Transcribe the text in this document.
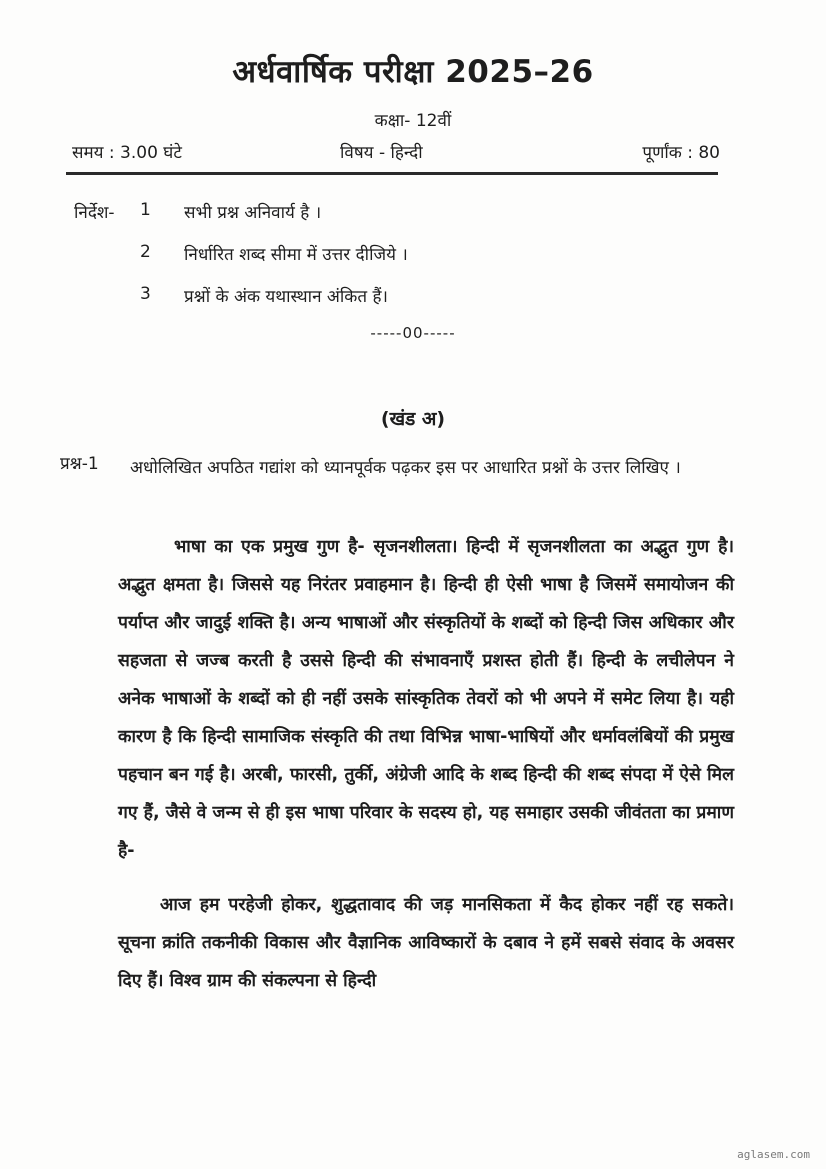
अर्धवार्षिक परीक्षा 2025–26
कक्षा- 12वीं
समय : 3.00 घंटे	विषय - हिन्दी	पूर्णांक : 80
निर्देश- 1 सभी प्रश्न अनिवार्य है ।
2 निर्धारित शब्द सीमा में उत्तर दीजिये ।
3 प्रश्नों के अंक यथास्थान अंकित हैं।
-----00-----
(खंड अ)
प्रश्न-1 अधोलिखित अपठित गद्यांश को ध्यानपूर्वक पढ़कर इस पर आधारित प्रश्नों के उत्तर लिखिए ।

भाषा का एक प्रमुख गुण है- सृजनशीलता। हिन्दी में सृजनशीलता का अद्भुत गुण है। अद्भुत क्षमता है। जिससे यह निरंतर प्रवाहमान है। हिन्दी ही ऐसी भाषा है जिसमें समायोजन की पर्याप्त और जादुई शक्ति है। अन्य भाषाओं और संस्कृतियों के शब्दों को हिन्दी जिस अधिकार और सहजता से जज्ब करती है उससे हिन्दी की संभावनाएँ प्रशस्त होती हैं। हिन्दी के लचीलेपन ने अनेक भाषाओं के शब्दों को ही नहीं उसके सांस्कृतिक तेवरों को भी अपने में समेट लिया है। यही कारण है कि हिन्दी सामाजिक संस्कृति की तथा विभिन्न भाषा-भाषियों और धर्मावलंबियों की प्रमुख पहचान बन गई है। अरबी, फारसी, तुर्की, अंग्रेजी आदि के शब्द हिन्दी की शब्द संपदा में ऐसे मिल गए हैं, जैसे वे जन्म से ही इस भाषा परिवार के सदस्य हो, यह समाहार उसकी जीवंतता का प्रमाण है-

आज हम परहेजी होकर, शुद्धतावाद की जड़ मानसिकता में कैद होकर नहीं रह सकते। सूचना क्रांति तकनीकी विकास और वैज्ञानिक आविष्कारों के दबाव ने हमें सबसे संवाद के अवसर दिए हैं। विश्व ग्राम की संकल्पना से हिन्दी

aglasem.com
